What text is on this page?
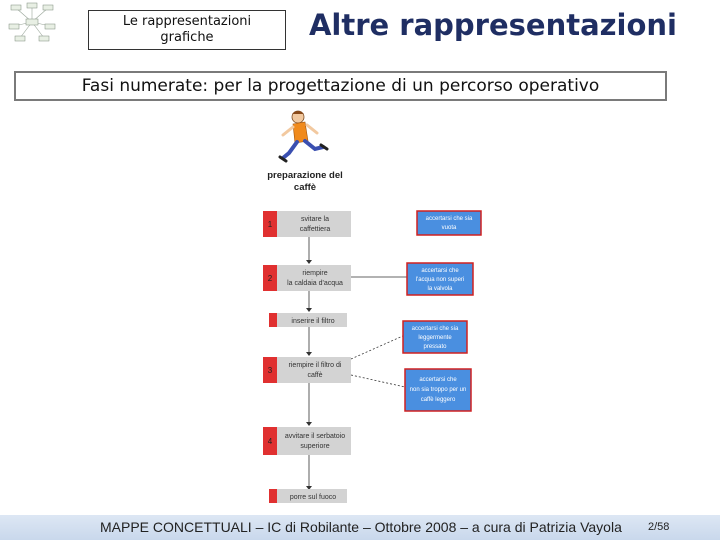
Le rappresentazioni
grafiche	Altre rappresentazioni
Fasi numerate: per la progettazione di un percorso operativo
preparazione del
caffè
1
svitare la
caffettiera
2
riempire
la caldaia d'acqua
inserire il filtro
3
riempire il filtro di
caffè
4
avvitare il serbatoio
superiore
porre sul fuoco
accertarsi che sia
vuota
accertarsi che
l'acqua non superi
la valvola
accertarsi che sia
leggermente
pressato
accertarsi che
non sia troppo per un
caffè leggero
MAPPE CONCETTUALI – IC di Robilante – Ottobre 2008 – a cura di Patrizia Vayola 2/58
